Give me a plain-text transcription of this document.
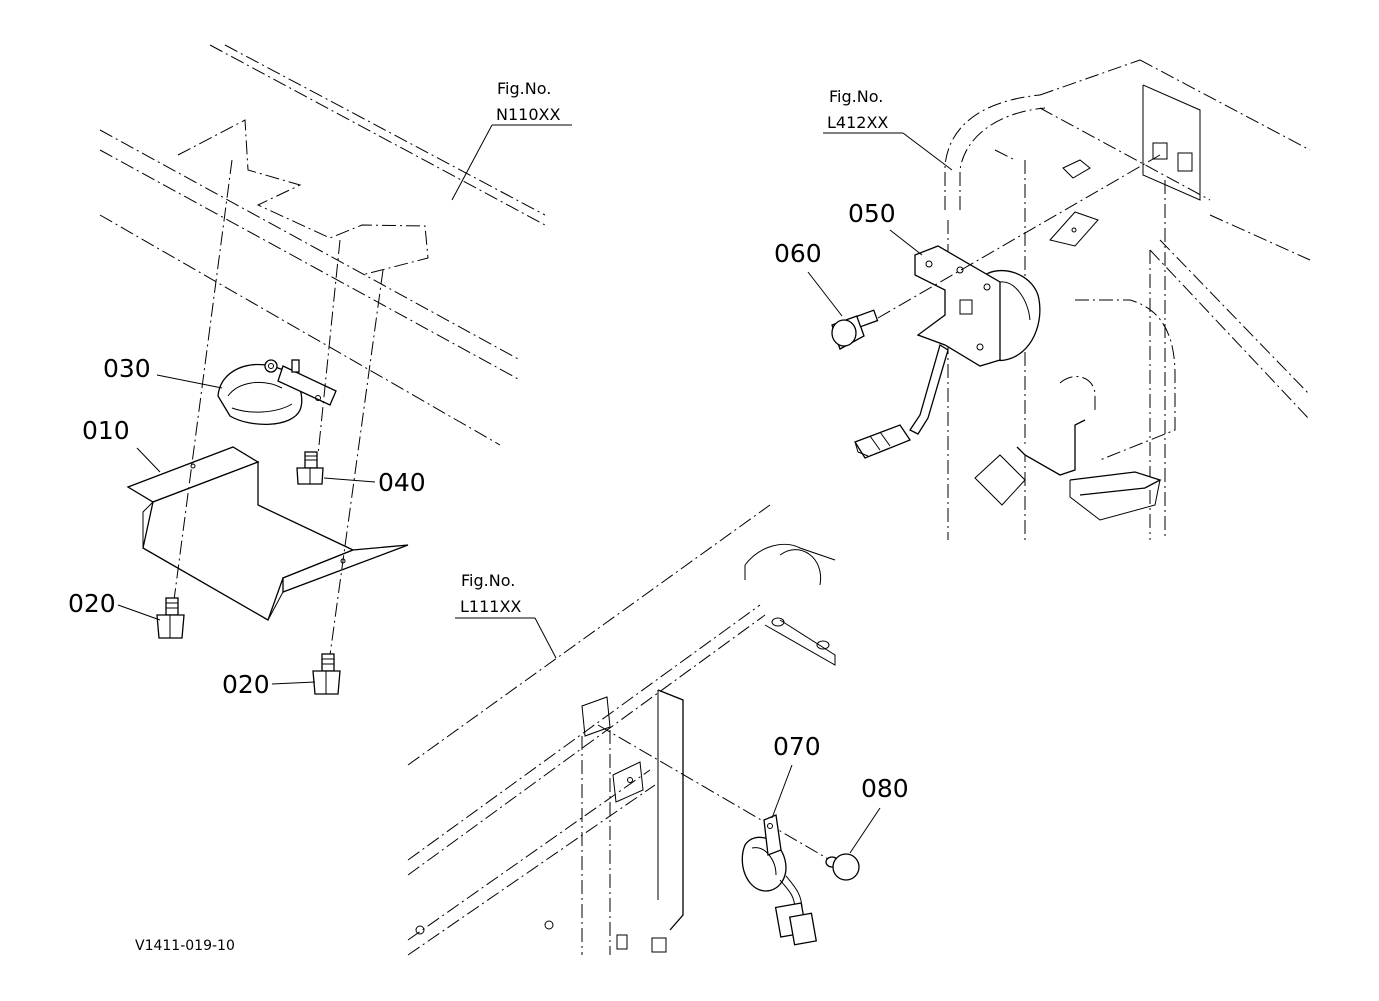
Fig.No.
N110XX
Fig.No.
L412XX
Fig.No.
L111XX
030
010
040
020
020
050
060
070
080
V1411-019-10
